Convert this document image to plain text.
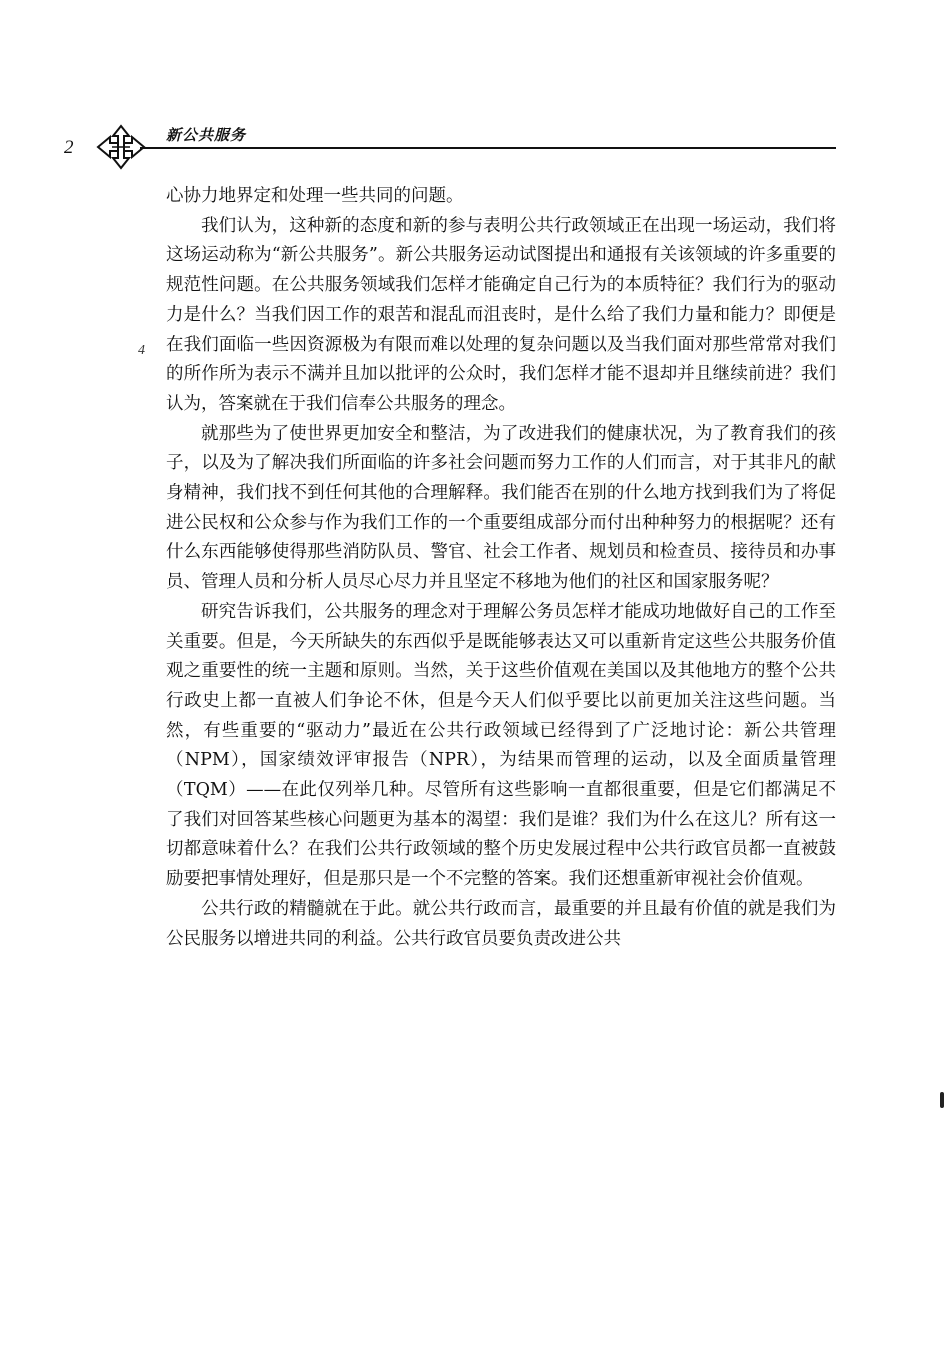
2
新公共服务
4

心协力地界定和处理一些共同的问题。

我们认为，这种新的态度和新的参与表明公共行政领域正在出现一场运动，我们将这场运动称为“新公共服务”。新公共服务运动试图提出和通报有关该领域的许多重要的规范性问题。在公共服务领域我们怎样才能确定自己行为的本质特征？我们行为的驱动力是什么？当我们因工作的艰苦和混乱而沮丧时，是什么给了我们力量和能力？即便是在我们面临一些因资源极为有限而难以处理的复杂问题以及当我们面对那些常常对我们的所作所为表示不满并且加以批评的公众时，我们怎样才能不退却并且继续前进？我们认为，答案就在于我们信奉公共服务的理念。

就那些为了使世界更加安全和整洁，为了改进我们的健康状况，为了教育我们的孩子，以及为了解决我们所面临的许多社会问题而努力工作的人们而言，对于其非凡的献身精神，我们找不到任何其他的合理解释。我们能否在别的什么地方找到我们为了将促进公民权和公众参与作为我们工作的一个重要组成部分而付出种种努力的根据呢？还有什么东西能够使得那些消防队员、警官、社会工作者、规划员和检查员、接待员和办事员、管理人员和分析人员尽心尽力并且坚定不移地为他们的社区和国家服务呢？

研究告诉我们，公共服务的理念对于理解公务员怎样才能成功地做好自己的工作至关重要。但是，今天所缺失的东西似乎是既能够表达又可以重新肯定这些公共服务价值观之重要性的统一主题和原则。当然，关于这些价值观在美国以及其他地方的整个公共行政史上都一直被人们争论不休，但是今天人们似乎要比以前更加关注这些问题。当然，有些重要的“驱动力”最近在公共行政领域已经得到了广泛地讨论：新公共管理（NPM），国家绩效评审报告（NPR），为结果而管理的运动，以及全面质量管理（TQM）——在此仅列举几种。尽管所有这些影响一直都很重要，但是它们都满足不了我们对回答某些核心问题更为基本的渴望：我们是谁？我们为什么在这儿？所有这一切都意味着什么？在我们公共行政领域的整个历史发展过程中公共行政官员都一直被鼓励要把事情处理好，但是那只是一个不完整的答案。我们还想重新审视社会价值观。

公共行政的精髓就在于此。就公共行政而言，最重要的并且最有价值的就是我们为公民服务以增进共同的利益。公共行政官员要负责改进公共
